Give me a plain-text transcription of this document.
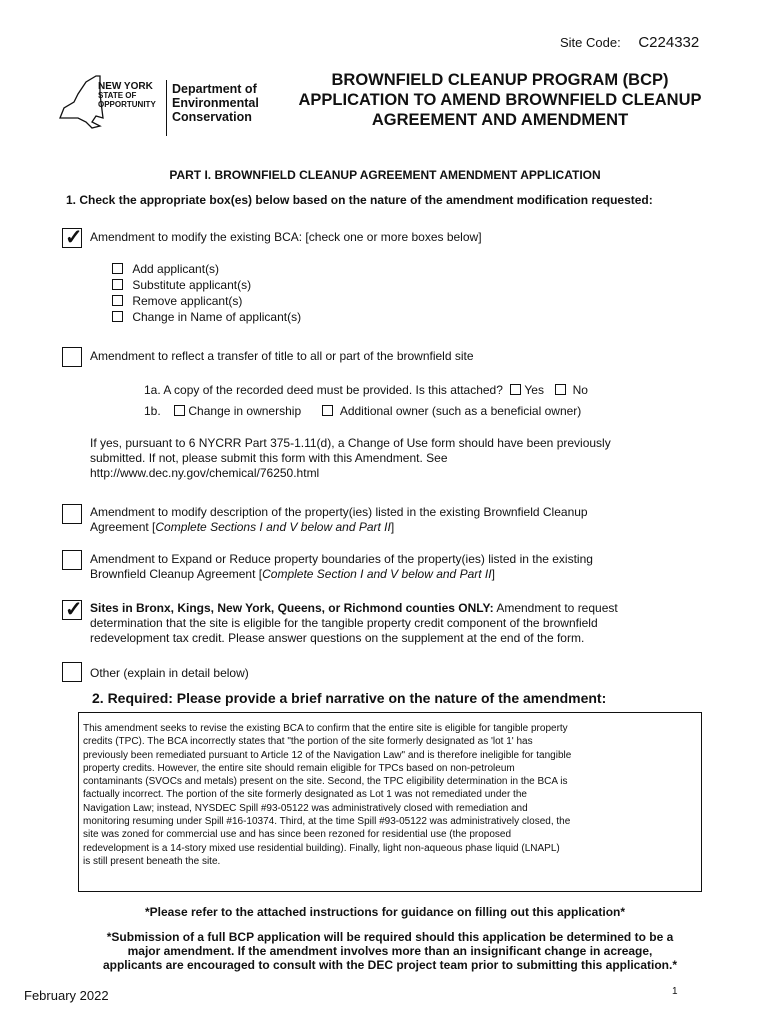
Site Code: C224332
NEW YORK
STATE OF
OPPORTUNITY
Department of
Environmental
Conservation
BROWNFIELD CLEANUP PROGRAM (BCP)
APPLICATION TO AMEND BROWNFIELD CLEANUP
AGREEMENT AND AMENDMENT
PART I. BROWNFIELD CLEANUP AGREEMENT AMENDMENT APPLICATION
1. Check the appropriate box(es) below based on the nature of the amendment modification requested:
✓ Amendment to modify the existing BCA: [check one or more boxes below]
Add applicant(s)
Substitute applicant(s)
Remove applicant(s)
Change in Name of applicant(s)
Amendment to reflect a transfer of title to all or part of the brownfield site
1a. A copy of the recorded deed must be provided. Is this attached? Yes No
1b. Change in ownership	Additional owner (such as a beneficial owner)
If yes, pursuant to 6 NYCRR Part 375-1.11(d), a Change of Use form should have been previously
submitted. If not, please submit this form with this Amendment. See
http://www.dec.ny.gov/chemical/76250.html
Amendment to modify description of the property(ies) listed in the existing Brownfield Cleanup
Agreement [Complete Sections I and V below and Part II]
Amendment to Expand or Reduce property boundaries of the property(ies) listed in the existing
Brownfield Cleanup Agreement [Complete Section I and V below and Part II]
✓ Sites in Bronx, Kings, New York, Queens, or Richmond counties ONLY: Amendment to request
determination that the site is eligible for the tangible property credit component of the brownfield
redevelopment tax credit. Please answer questions on the supplement at the end of the form.
Other (explain in detail below)
2. Required: Please provide a brief narrative on the nature of the amendment:
This amendment seeks to revise the existing BCA to confirm that the entire site is eligible for tangible property
credits (TPC). The BCA incorrectly states that "the portion of the site formerly designated as 'lot 1' has
previously been remediated pursuant to Article 12 of the Navigation Law" and is therefore ineligible for tangible
property credits. However, the entire site should remain eligible for TPCs based on non-petroleum
contaminants (SVOCs and metals) present on the site. Second, the TPC eligibility determination in the BCA is
factually incorrect. The portion of the site formerly designated as Lot 1 was not remediated under the
Navigation Law; instead, NYSDEC Spill #93-05122 was administratively closed with remediation and
monitoring resuming under Spill #16-10374. Third, at the time Spill #93-05122 was administratively closed, the
site was zoned for commercial use and has since been rezoned for residential use (the proposed
redevelopment is a 14-story mixed use residential building). Finally, light non-aqueous phase liquid (LNAPL)
is still present beneath the site.
*Please refer to the attached instructions for guidance on filling out this application*
*Submission of a full BCP application will be required should this application be determined to be a
major amendment. If the amendment involves more than an insignificant change in acreage,
applicants are encouraged to consult with the DEC project team prior to submitting this application.*
February 2022	1
